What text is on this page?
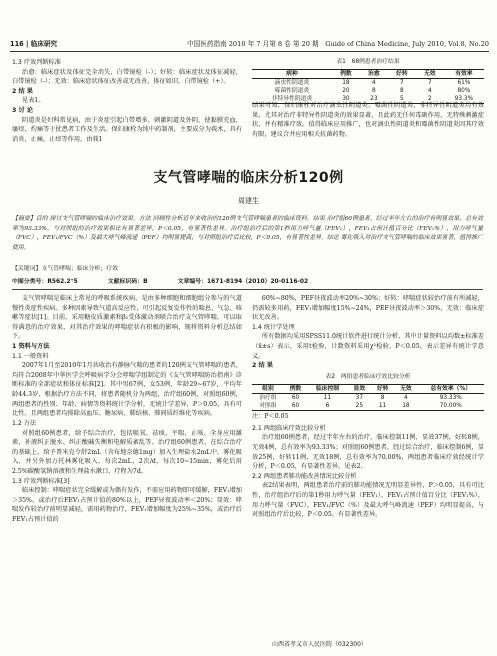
116 | 临床研究	中国医药指南 2010 年 7 月第 8 卷 第 20 期　Guide of China Medicine, July 2010, Vol.8, No.20
1.3 疗效判断标准
治愈：临床症状及体征完全消失，白带镜检（-）；好转：临床症状及体征减轻，白带镜检（-）；无效：临床症状体征改善或无改善，体征如旧，白带镜检（+）。
2 结 果
见表1。
3 讨 论
阴道炎是妇科常见病，由于炎症引起白带增多，刺激阴道及外阴，使黏膜充血，瘙痒，灼痛等于扰患者工作及生活。保妇康栓为纯中药制剂，主要成分为莪术，具有消炎，止痛，止痒等作用，由莪1
表1　68例患者治疗结果
病种	例数	治愈	好转	无效	有效率
滴虫性阴道炎	18	4	7	7	61%
霉菌性阴道炎	20	8	8	4	80%
非特异性阴道炎	30	23	5	2	93.3%
结果可知，保妇康栓对治疗滴虫性阴道炎、霉菌性阴道炎、非特异性阴道炎均有效果，尤其对治疗非特异性阴道炎的效果显著，且此药无任何毒副作用，无特殊刺激症状，并有精准疗效。值得临床应用推广，也对滴虫性阴道炎和霉菌性阴道炎因其疗效有限，建议合并应用相关抗菌药物。
支气管哮喘的临床分析120例
周建生
【摘要】目的 探讨支气管哮喘的临床治疗效果。方法 回顾性分析近年来收治的120例支气管哮喘患者的临床资料。结果 治疗组60例患者，经过半年左右的治疗有明显效果，总有效率为93.33%，与对照组的治疗效果相比有显著差异，P＜0.05，有显著性差异。治疗组治疗后的第1秒用力呼气量（FEV₁），FEV₁占预计值百分比（FEV₁%），用力呼气量（FVC），FEV₁/FVC（%）及最大呼气峰流速（PEF）均明显提高，与对照组治疗后比较，P＜0.05，有显著性差异。结论 雾化吸入对治疗支气管哮喘的临床效果显著，值得推广使用。
【关键词】支气管哮喘；临床分析；疗效
中图分类号：R562.2⁺5	文献标识码：B	文章编号：1671-8194（2010）20-0116-02
支气管哮喘是临床上常见的呼吸系统疾病，是由多种细胞和细胞组分参与的气道慢性炎症性疾病。多种因素导致气道高反应性，可引起反复发作性的喘息、气急、咳嗽等症状[1]。目前，采用糖皮质激素和β₂受体激动剂联合治疗支气管哮喘，可以取得满意的治疗效果，对其治疗效果的哮喘症状有积极的影响，现将资料分析总结如下。
1 资料与方法
1.1 一般资料
2007年1月至2010年1月共收治有静脉气喘的患者的120例支气管哮喘的患者，均符合2008年中华医学会呼吸病学分会哮喘学组制定的《支气管哮喘防治指南》诊断标准的全部症状和体征标准[2]。其中男67例，女53例，年龄29~67岁，平均年龄44.3岁，根据治疗方法不同，将患者随机分为两组，治疗组60例，对照组60例，两组患者的性别、年龄、病情等资料统计学分析，无统计学差异，P＞0.05，具有可比性。且两组患者均排除高血压、糖尿病、肺结核、肺间质纤维化等疾病。
1.2 方法
对照组60例患者，给予综合治疗，包括吸氧、祛痰、平喘、止咳、全身应用激素、补液纠正脱水、纠正酸碱失衡和电解质紊乱等。治疗组60例患者，在综合治疗的基础上，给予普米克令舒2mL（含布地奈德1mg）加入生理盐水2mL中，雾化吸入，并另外加万托林雾化吸入，每次2mL，2次/d，每次10~15min，雾化后用2.5%碳酸氢钠溶液和生理盐水漱口，疗程为7d。
1.3 疗效判断标准[3]
临床控制：哮喘症状完全缓解或为偶有发作，不需应用药物即可缓解，FEV₁增加＞35%，或治疗后FEV₁占预计值的80%以上，PEF昼夜波动率＜20%；显效：哮喘发作较治疗前明显减轻，需用药物治疗，FEV₁增加幅度为25%~35%，或治疗后FEV₁占预计值的
60%~80%，PEF昼夜波动率20%~30%；好转：哮喘症状较治疗前有所减轻，仍需较多用药，FEV₁增加幅度15%~24%，PEF昼夜波动率＞30%，无效：临床症状无改善。
1.4 统计学处理
所有数据均采用SPSS11.0统计软件进行统计分析，其中计量资料以均数±标准差（x̄±s）表示，采用t检验，计数资料采用χ²检验，P＜0.05，表示差异有统计学意义。
2 结 果
表2　两组患者临床疗效比较分析
组别	例数	临床控制	显效	好转	无效	总有效率（%）
治疗组	60	11	37	8	4	93.33%
对照组	60	6	25	11	18	70.00%
注：P＜0.05
2.1 两组临床疗效比较分析
治疗组60例患者，经过半年左右的治疗，临床控制11例，显效37例，好转8例，无效4例，总有效率为93.33%；对照组60例患者，经过综合治疗，临床控制6例，显效25例，好转11例，无效18例，总有效率为70.00%，两组患者临床疗效经统计学分析，P＜0.05，有显著性差异，见表2。
2.2 两组患者肺功能改善情况比较分析
表2结果表明，两组患者治疗前的肺功能情况无明显差异性，P＞0.05，具有可比性，治疗组治疗后的第1秒用力呼气量（FEV₁），FEV₁占预计值百分比（FEV₁%），用力呼气量（FVC），FEV₁/FVC（%）及最大呼气峰流速（PEF）均明显提高，与对照组治疗后比较，P＜0.05，有显著性差异。
山西省孝义市人民医院（032300）
